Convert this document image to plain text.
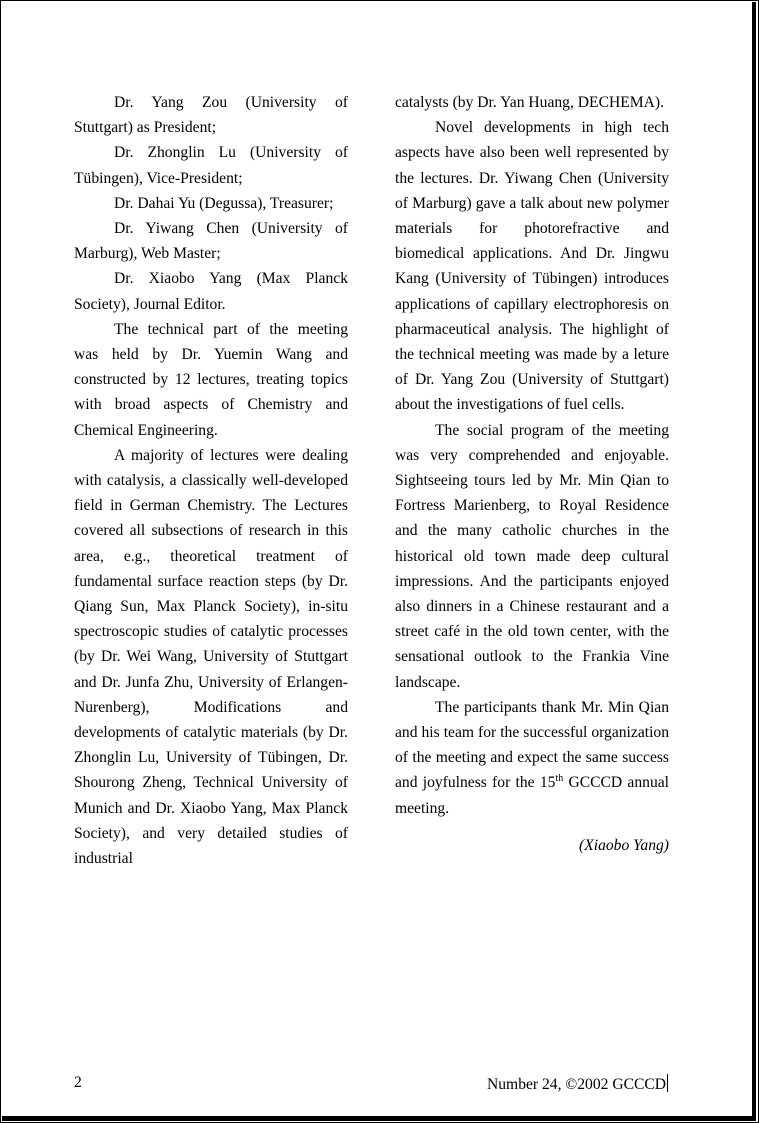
Dr. Yang Zou (University of Stuttgart) as President;

Dr. Zhonglin Lu (University of Tübingen), Vice-President;

Dr. Dahai Yu (Degussa), Treasurer;

Dr. Yiwang Chen (University of Marburg), Web Master;

Dr. Xiaobo Yang (Max Planck Society), Journal Editor.

The technical part of the meeting was held by Dr. Yuemin Wang and constructed by 12 lectures, treating topics with broad aspects of Chemistry and Chemical Engineering.

A majority of lectures were dealing with catalysis, a classically well-developed field in German Chemistry. The Lectures covered all subsections of research in this area, e.g., theoretical treatment of fundamental surface reaction steps (by Dr. Qiang Sun, Max Planck Society), in-situ spectroscopic studies of catalytic processes (by Dr. Wei Wang, University of Stuttgart and Dr. Junfa Zhu, University of Erlangen-Nurenberg), Modifications and developments of catalytic materials (by Dr. Zhonglin Lu, University of Tübingen, Dr. Shourong Zheng, Technical University of Munich and Dr. Xiaobo Yang, Max Planck Society), and very detailed studies of industrial

catalysts (by Dr. Yan Huang, DECHEMA).

Novel developments in high tech aspects have also been well represented by the lectures. Dr. Yiwang Chen (University of Marburg) gave a talk about new polymer materials for photorefractive and biomedical applications. And Dr. Jingwu Kang (University of Tübingen) introduces applications of capillary electrophoresis on pharmaceutical analysis. The highlight of the technical meeting was made by a leture of Dr. Yang Zou (University of Stuttgart) about the investigations of fuel cells.

The social program of the meeting was very comprehended and enjoyable. Sightseeing tours led by Mr. Min Qian to Fortress Marienberg, to Royal Residence and the many catholic churches in the historical old town made deep cultural impressions. And the participants enjoyed also dinners in a Chinese restaurant and a street café in the old town center, with the sensational outlook to the Frankia Vine landscape.

The participants thank Mr. Min Qian and his team for the successful organization of the meeting and expect the same success and joyfulness for the 15th GCCCD annual meeting.

(Xiaobo Yang)

2	Number 24, ©2002 GCCCD
